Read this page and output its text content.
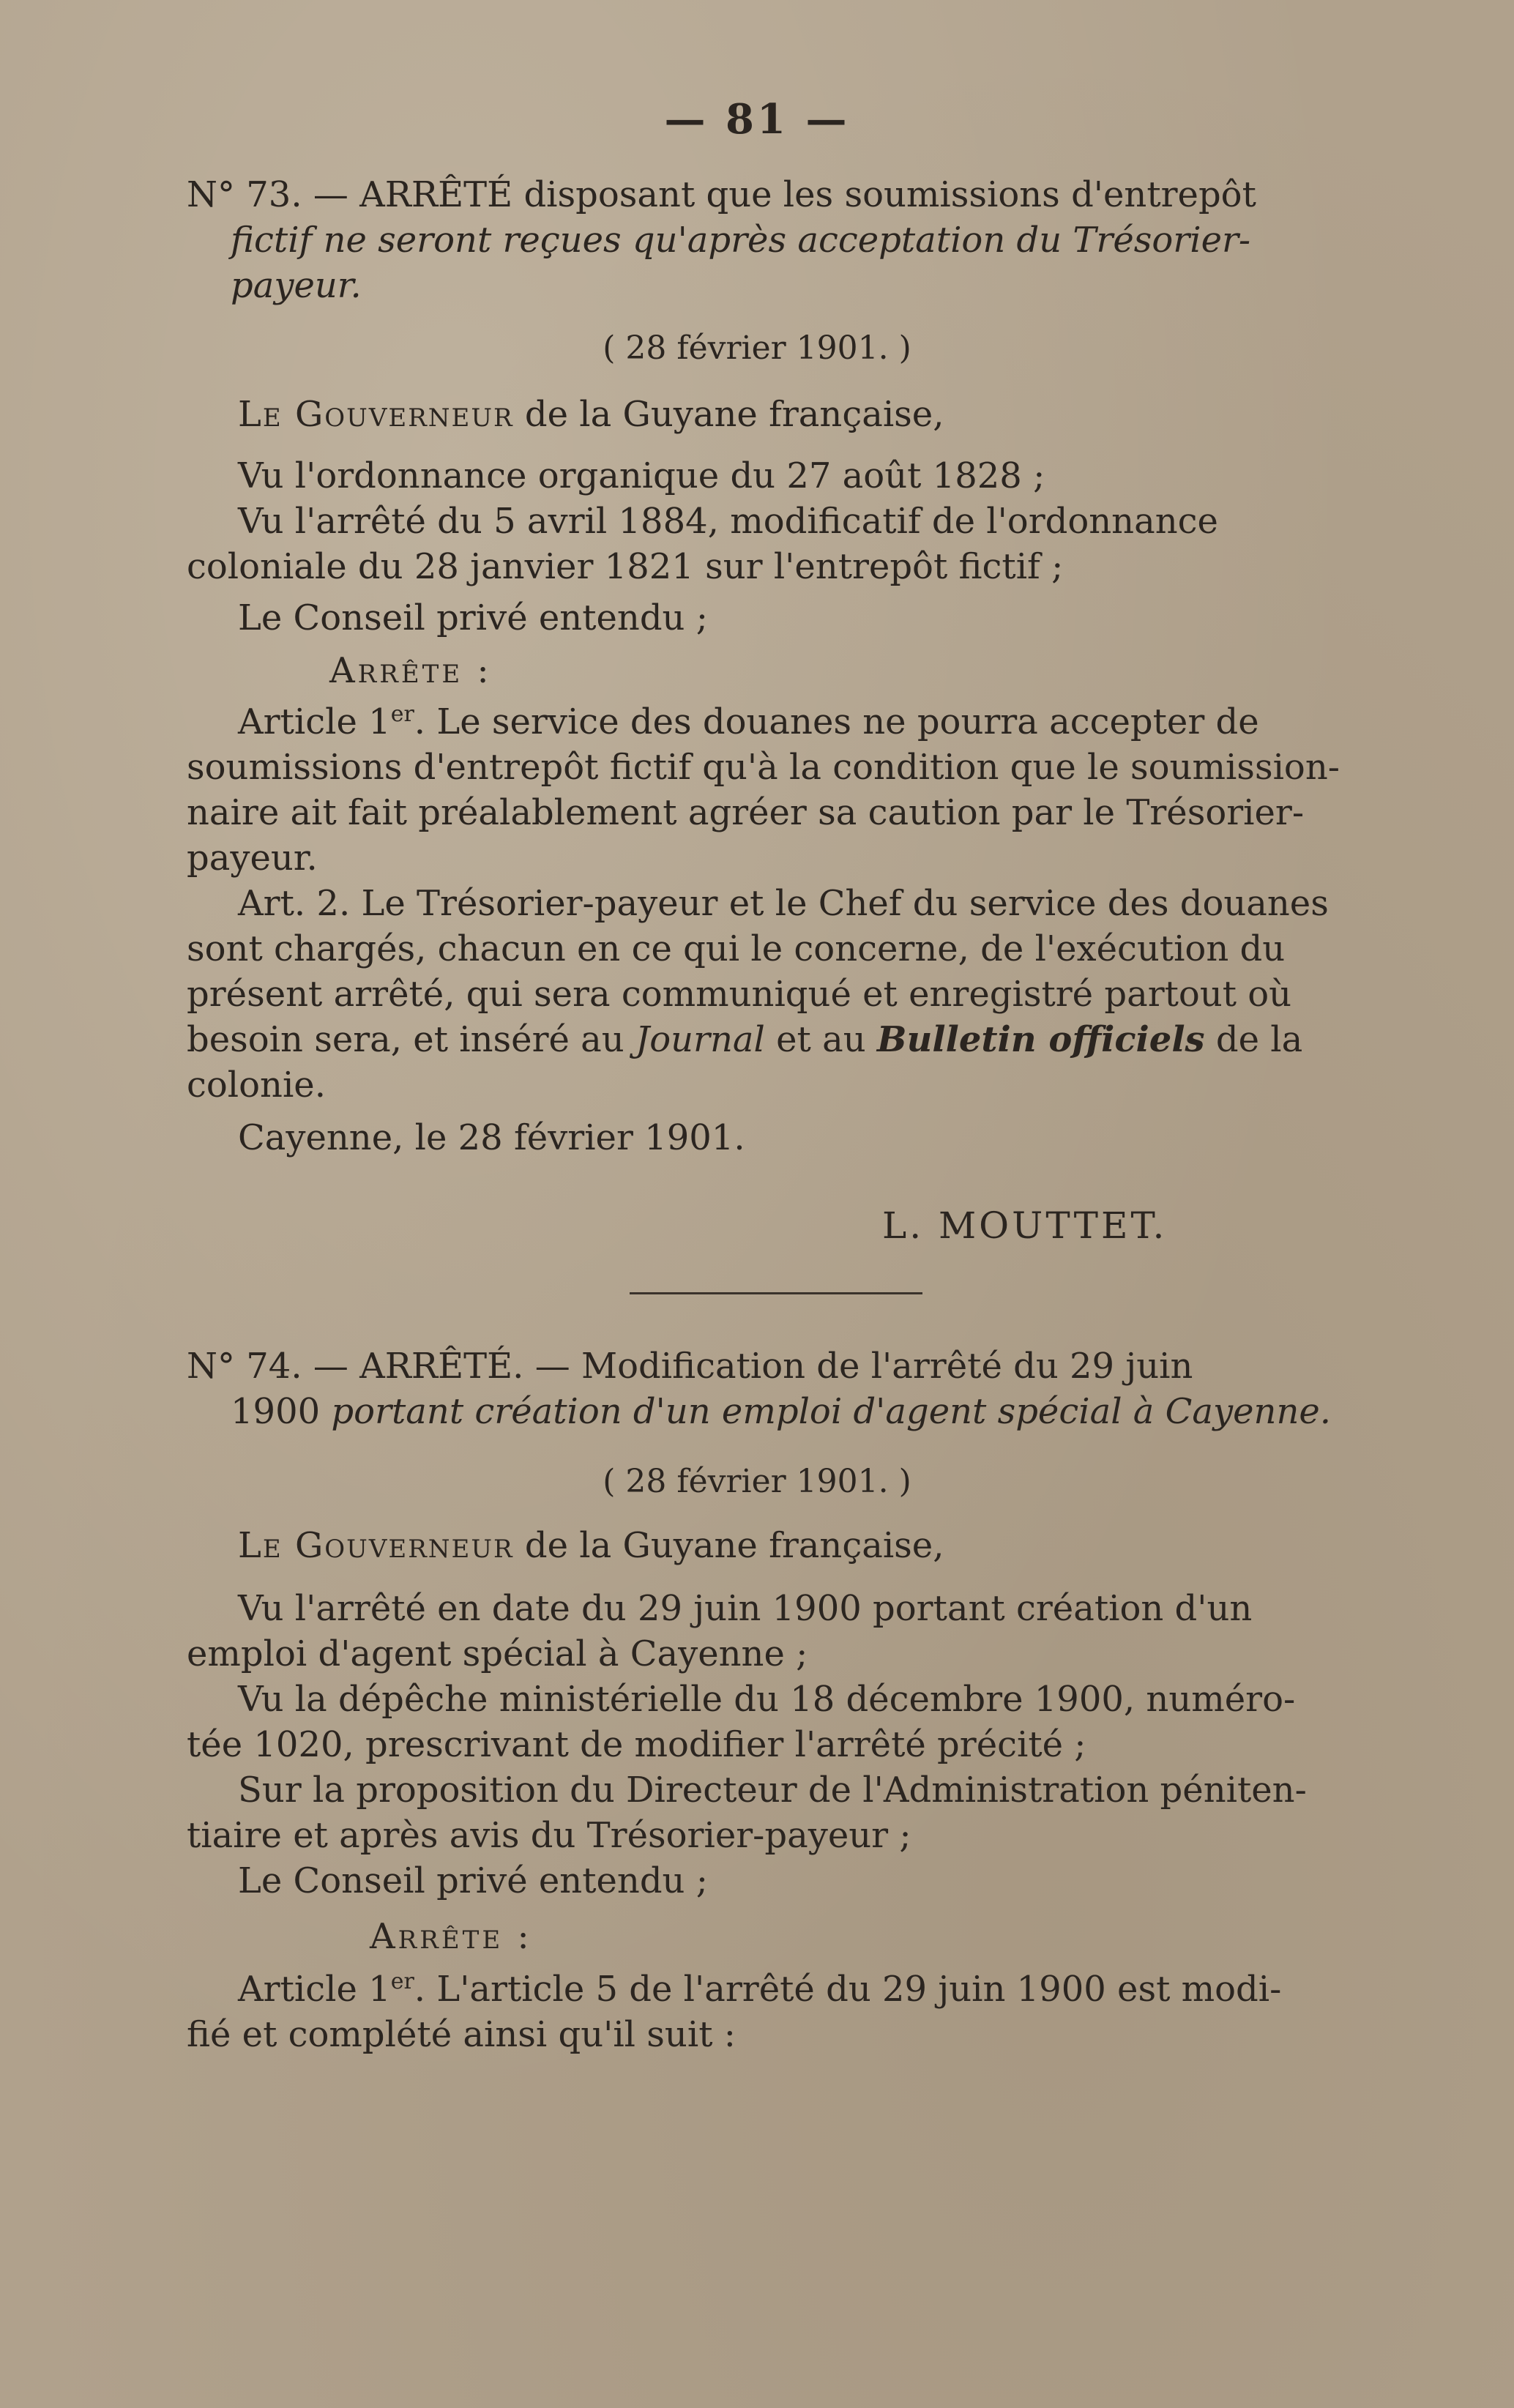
— 81 —
N° 73. — ARRÊTÉ disposant que les soumissions d'entrepôt
fictif ne seront reçues qu'après acceptation du Trésorier-
payeur.
( 28 février 1901. )
Le Gouverneur de la Guyane française,
Vu l'ordonnance organique du 27 août 1828 ;
Vu l'arrêté du 5 avril 1884, modificatif de l'ordonnance
coloniale du 28 janvier 1821 sur l'entrepôt fictif ;
Le Conseil privé entendu ;
Arrête :
Article 1er. Le service des douanes ne pourra accepter de
soumissions d'entrepôt fictif qu'à la condition que le soumission-
naire ait fait préalablement agréer sa caution par le Trésorier-
payeur.
Art. 2. Le Trésorier-payeur et le Chef du service des douanes
sont chargés, chacun en ce qui le concerne, de l'exécution du
présent arrêté, qui sera communiqué et enregistré partout où
besoin sera, et inséré au Journal et au Bulletin officiels de la
colonie.
Cayenne, le 28 février 1901.
L. MOUTTET.
N° 74. — ARRÊTÉ. — Modification de l'arrêté du 29 juin
1900 portant création d'un emploi d'agent spécial à Cayenne.
( 28 février 1901. )
Le Gouverneur de la Guyane française,
Vu l'arrêté en date du 29 juin 1900 portant création d'un
emploi d'agent spécial à Cayenne ;
Vu la dépêche ministérielle du 18 décembre 1900, numéro-
tée 1020, prescrivant de modifier l'arrêté précité ;
Sur la proposition du Directeur de l'Administration péniten-
tiaire et après avis du Trésorier-payeur ;
Le Conseil privé entendu ;
Arrête :
Article 1er. L'article 5 de l'arrêté du 29 juin 1900 est modi-
fié et complété ainsi qu'il suit :
